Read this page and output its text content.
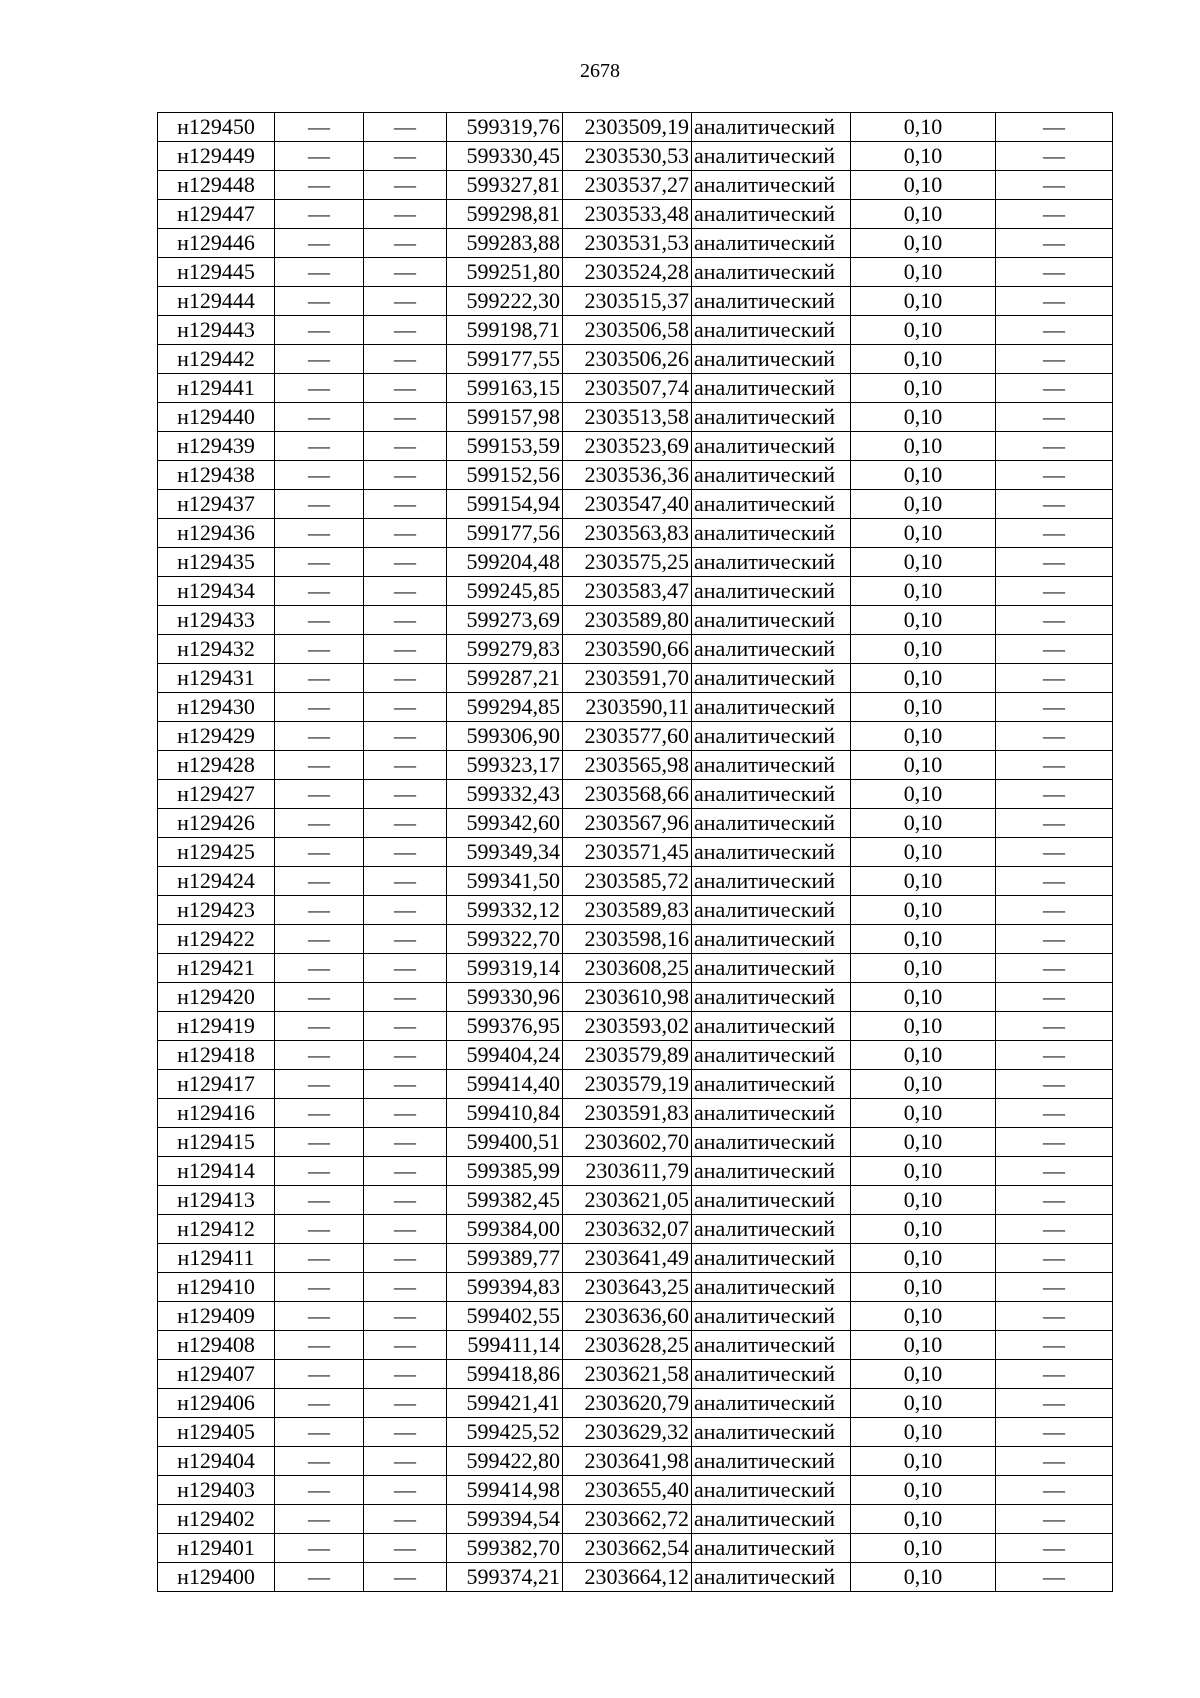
2678
н129450	—	—	599319,76	2303509,19	аналитический	0,10	—
н129449	—	—	599330,45	2303530,53	аналитический	0,10	—
н129448	—	—	599327,81	2303537,27	аналитический	0,10	—
н129447	—	—	599298,81	2303533,48	аналитический	0,10	—
н129446	—	—	599283,88	2303531,53	аналитический	0,10	—
н129445	—	—	599251,80	2303524,28	аналитический	0,10	—
н129444	—	—	599222,30	2303515,37	аналитический	0,10	—
н129443	—	—	599198,71	2303506,58	аналитический	0,10	—
н129442	—	—	599177,55	2303506,26	аналитический	0,10	—
н129441	—	—	599163,15	2303507,74	аналитический	0,10	—
н129440	—	—	599157,98	2303513,58	аналитический	0,10	—
н129439	—	—	599153,59	2303523,69	аналитический	0,10	—
н129438	—	—	599152,56	2303536,36	аналитический	0,10	—
н129437	—	—	599154,94	2303547,40	аналитический	0,10	—
н129436	—	—	599177,56	2303563,83	аналитический	0,10	—
н129435	—	—	599204,48	2303575,25	аналитический	0,10	—
н129434	—	—	599245,85	2303583,47	аналитический	0,10	—
н129433	—	—	599273,69	2303589,80	аналитический	0,10	—
н129432	—	—	599279,83	2303590,66	аналитический	0,10	—
н129431	—	—	599287,21	2303591,70	аналитический	0,10	—
н129430	—	—	599294,85	2303590,11	аналитический	0,10	—
н129429	—	—	599306,90	2303577,60	аналитический	0,10	—
н129428	—	—	599323,17	2303565,98	аналитический	0,10	—
н129427	—	—	599332,43	2303568,66	аналитический	0,10	—
н129426	—	—	599342,60	2303567,96	аналитический	0,10	—
н129425	—	—	599349,34	2303571,45	аналитический	0,10	—
н129424	—	—	599341,50	2303585,72	аналитический	0,10	—
н129423	—	—	599332,12	2303589,83	аналитический	0,10	—
н129422	—	—	599322,70	2303598,16	аналитический	0,10	—
н129421	—	—	599319,14	2303608,25	аналитический	0,10	—
н129420	—	—	599330,96	2303610,98	аналитический	0,10	—
н129419	—	—	599376,95	2303593,02	аналитический	0,10	—
н129418	—	—	599404,24	2303579,89	аналитический	0,10	—
н129417	—	—	599414,40	2303579,19	аналитический	0,10	—
н129416	—	—	599410,84	2303591,83	аналитический	0,10	—
н129415	—	—	599400,51	2303602,70	аналитический	0,10	—
н129414	—	—	599385,99	2303611,79	аналитический	0,10	—
н129413	—	—	599382,45	2303621,05	аналитический	0,10	—
н129412	—	—	599384,00	2303632,07	аналитический	0,10	—
н129411	—	—	599389,77	2303641,49	аналитический	0,10	—
н129410	—	—	599394,83	2303643,25	аналитический	0,10	—
н129409	—	—	599402,55	2303636,60	аналитический	0,10	—
н129408	—	—	599411,14	2303628,25	аналитический	0,10	—
н129407	—	—	599418,86	2303621,58	аналитический	0,10	—
н129406	—	—	599421,41	2303620,79	аналитический	0,10	—
н129405	—	—	599425,52	2303629,32	аналитический	0,10	—
н129404	—	—	599422,80	2303641,98	аналитический	0,10	—
н129403	—	—	599414,98	2303655,40	аналитический	0,10	—
н129402	—	—	599394,54	2303662,72	аналитический	0,10	—
н129401	—	—	599382,70	2303662,54	аналитический	0,10	—
н129400	—	—	599374,21	2303664,12	аналитический	0,10	—
